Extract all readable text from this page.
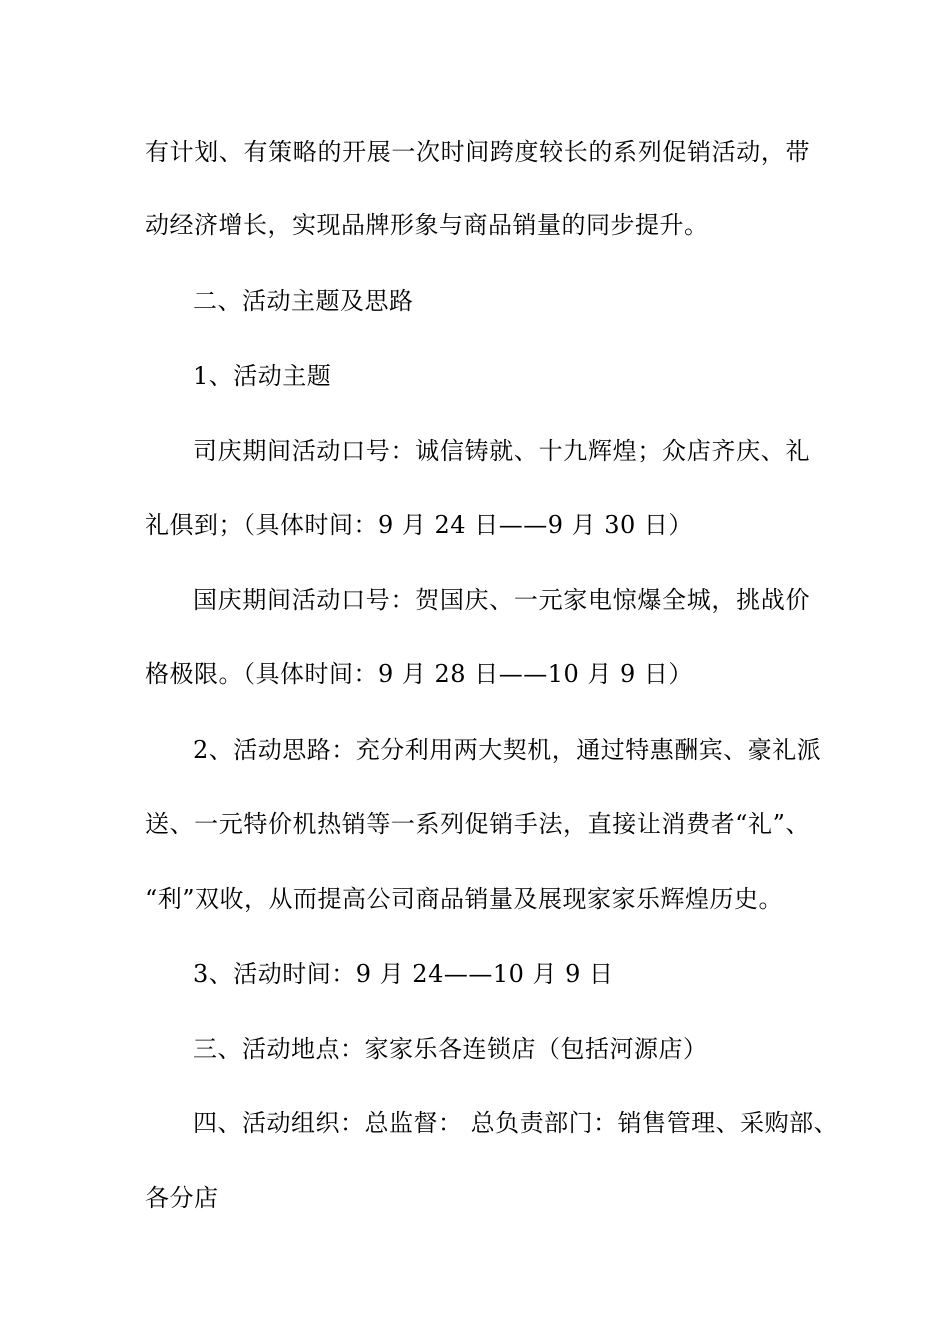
有计划、有策略的开展一次时间跨度较长的系列促销活动，带
动经济增长，实现品牌形象与商品销量的同步提升。
二、活动主题及思路
1、活动主题
司庆期间活动口号：诚信铸就、十九辉煌；众店齐庆、礼
礼俱到；（具体时间：9 月 24 日——9 月 30 日）
国庆期间活动口号：贺国庆、一元家电惊爆全城，挑战价
格极限。（具体时间：9 月 28 日——10 月 9 日）
2、活动思路：充分利用两大契机，通过特惠酬宾、豪礼派
送、一元特价机热销等一系列促销手法，直接让消费者“礼”、
“利”双收，从而提高公司商品销量及展现家家乐辉煌历史。
3、活动时间：9 月 24——10 月 9 日
三、活动地点：家家乐各连锁店（包括河源店）
四、活动组织：总监督： 总负责部门：销售管理、采购部、
各分店
